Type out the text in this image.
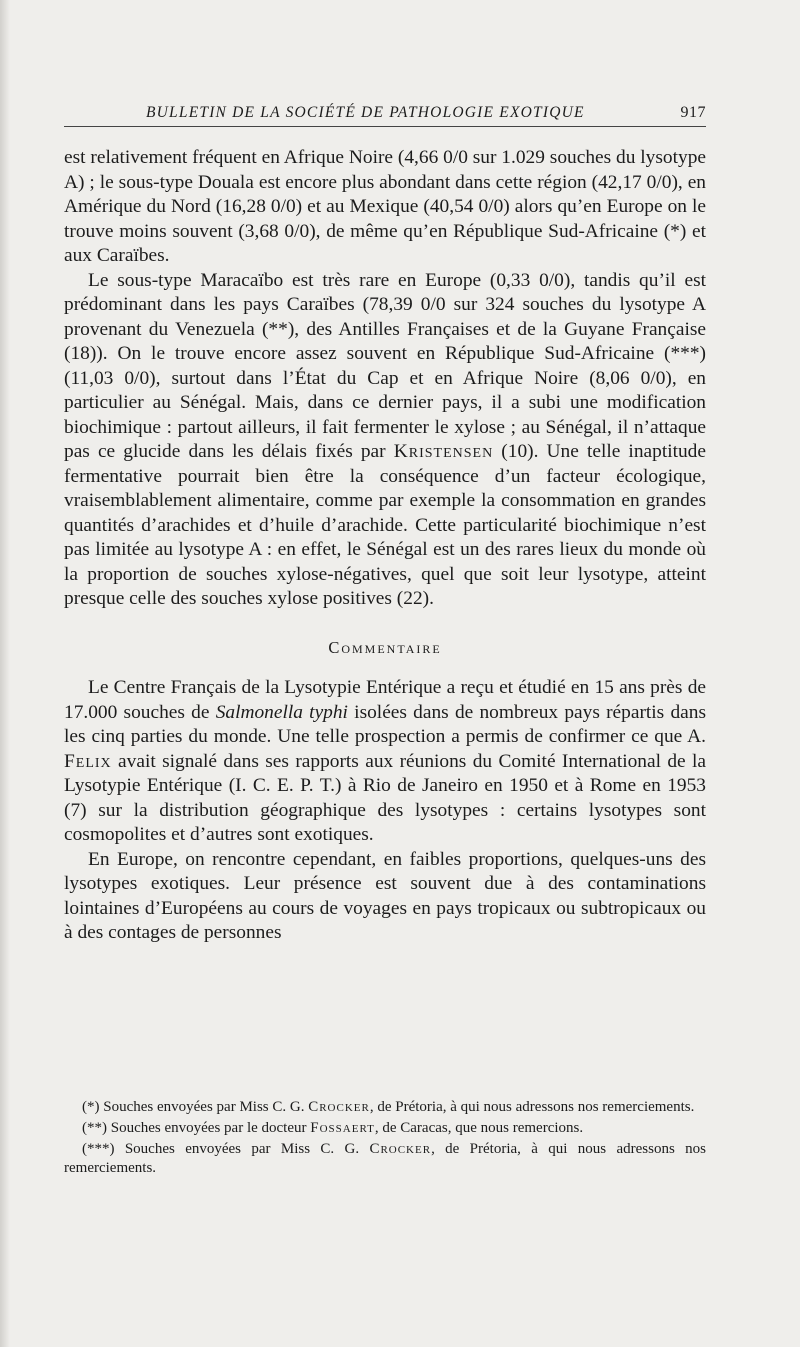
BULLETIN DE LA SOCIÉTÉ DE PATHOLOGIE EXOTIQUE	917

est relativement fréquent en Afrique Noire (4,66 0/0 sur 1.029 souches du lysotype A) ; le sous-type Douala est encore plus abondant dans cette région (42,17 0/0), en Amérique du Nord (16,28 0/0) et au Mexique (40,54 0/0) alors qu’en Europe on le trouve moins souvent (3,68 0/0), de même qu’en République Sud-Africaine (*) et aux Caraïbes.

Le sous-type Maracaïbo est très rare en Europe (0,33 0/0), tandis qu’il est prédominant dans les pays Caraïbes (78,39 0/0 sur 324 souches du lysotype A provenant du Venezuela (**), des Antilles Françaises et de la Guyane Française (18)). On le trouve encore assez souvent en République Sud-Africaine (***) (11,03 0/0), surtout dans l’État du Cap et en Afrique Noire (8,06 0/0), en particulier au Sénégal. Mais, dans ce dernier pays, il a subi une modification biochimique : partout ailleurs, il fait fermenter le xylose ; au Sénégal, il n’attaque pas ce glucide dans les délais fixés par Kristensen (10). Une telle inaptitude fermentative pourrait bien être la conséquence d’un facteur écologique, vraisemblablement alimentaire, comme par exemple la consommation en grandes quantités d’arachides et d’huile d’arachide. Cette particularité biochimique n’est pas limitée au lysotype A : en effet, le Sénégal est un des rares lieux du monde où la proportion de souches xylose-négatives, quel que soit leur lysotype, atteint presque celle des souches xylose positives (22).

Commentaire

Le Centre Français de la Lysotypie Entérique a reçu et étudié en 15 ans près de 17.000 souches de Salmonella typhi isolées dans de nombreux pays répartis dans les cinq parties du monde. Une telle prospection a permis de confirmer ce que A. Felix avait signalé dans ses rapports aux réunions du Comité International de la Lysotypie Entérique (I. C. E. P. T.) à Rio de Janeiro en 1950 et à Rome en 1953 (7) sur la distribution géographique des lysotypes : certains lysotypes sont cosmopolites et d’autres sont exotiques.

En Europe, on rencontre cependant, en faibles proportions, quelques-uns des lysotypes exotiques. Leur présence est souvent due à des contaminations lointaines d’Européens au cours de voyages en pays tropicaux ou subtropicaux ou à des contages de personnes

(*) Souches envoyées par Miss C. G. Crocker, de Prétoria, à qui nous adressons nos remerciements.

(**) Souches envoyées par le docteur Fossaert, de Caracas, que nous remercions.

(***) Souches envoyées par Miss C. G. Crocker, de Prétoria, à qui nous adressons nos remerciements.
